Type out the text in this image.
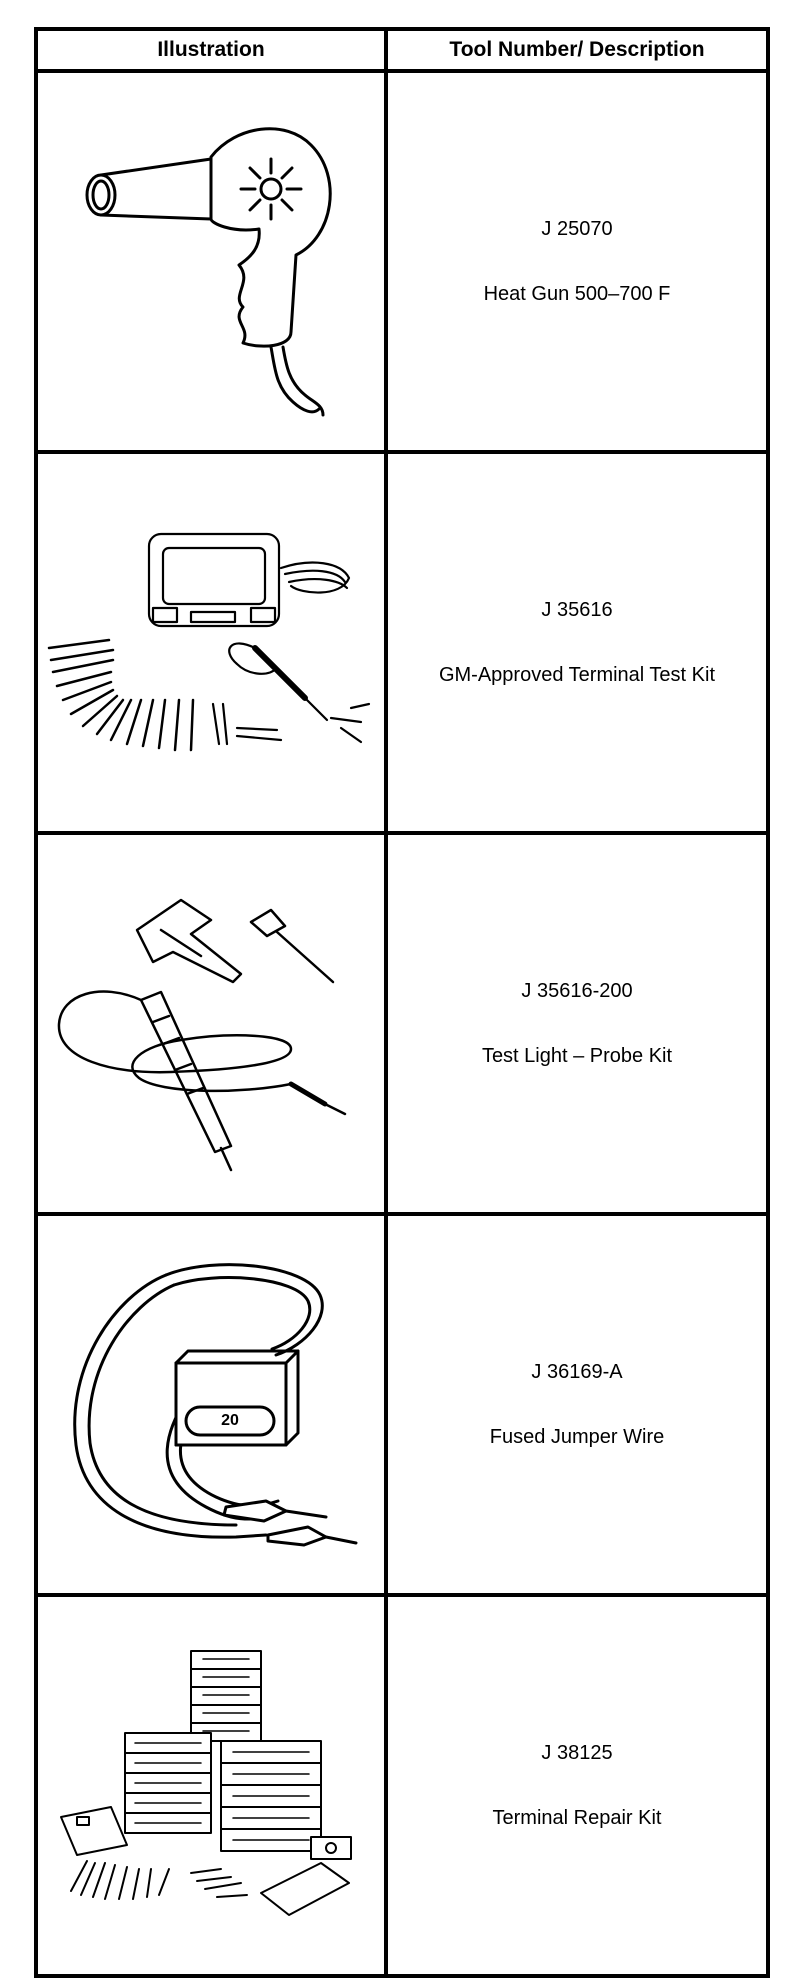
Illustration	Tool Number/ Description

J 25070
Heat Gun 500–700 F

J 35616
GM-Approved Terminal Test Kit

J 35616-200
Test Light – Probe Kit

J 36169-A
Fused Jumper Wire

J 38125
Terminal Repair Kit
20
